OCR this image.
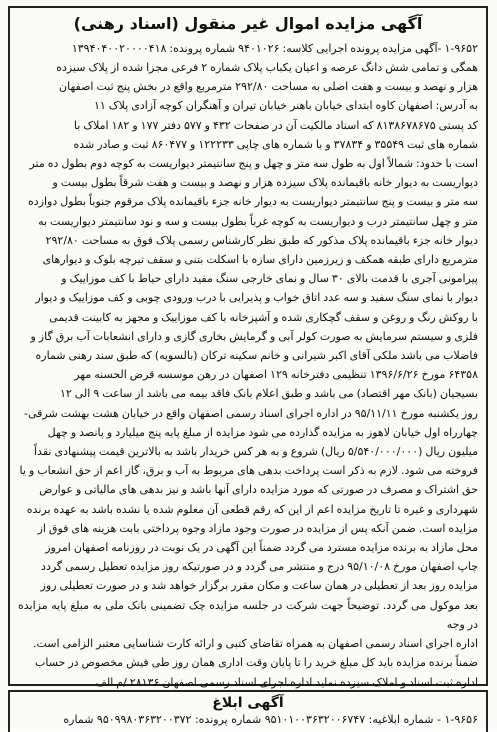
آگهی مزایده اموال غیر منقول (اسناد رهنی)

۱-۹۶۵۲ -آگهی مزایده پرونده اجرایی کلاسه: ۹۴۰۱۰۲۶ شماره پرونده: ۱۳۹۴۰۴۰۰۲۰۰۰۰۴۱۸

همگی و تمامی شش دانگ عرصه و اعیان یکباب پلاک شماره ۲ فرعی مجزا شده از پلاک سیزده

هزار و نهصد و بیست و هفت اصلی به مساحت ۲۹۲/۸۰ مترمربع واقع در بخش پنج ثبت اصفهان

به آدرس: اصفهان کاوه ابتدای خیابان باهنر خیابان تیران و آهنگران کوچه آزادی پلاک ۱۱

کد پستی ۸۱۳۸۶۷۸۶۷۵ که اسناد مالکیت آن در صفحات ۴۳۲ و ۵۷۷ دفتر ۱۷۷ و ۱۸۲ املاک با

شماره های ثبت ۳۵۵۴۹ و ۳۷۸۳۴ و با شماره های چاپی ۱۲۲۲۳۳ و ۸۶۰۴۷۷ ثبت و صادر شده

است با حدود: شمالاً اول به طول سه متر و چهل و پنج سانتیمتر دیواریست به کوچه دوم بطول ده متر

دیواریست به دیوار خانه باقیمانده پلاک سیزده هزار و نهصد و بیست و هفت شرقاً بطول بیست و

سه متر و بیست و پنج سانتیمتر دیواریست به دیوار خانه جزء باقیمانده پلاک مرقوم جنوباً بطول دوازده

متر و چهل سانتیمتر درب و دیواریست به کوچه غرباً بطول بیست و سه و نود سانتیمتر دیواریست به

دیوار خانه جزء باقیمانده پلاک مذکور که طبق نظر کارشناس رسمی پلاک فوق به مساحت ۲۹۲/۸۰

مترمربع دارای طبقه همکف و زیرزمین دارای سازه با اسکلت بتنی و سقف تیرچه بلوک و دیوارهای

پیرامونی آجری با قدمت بالای ۳۰ سال و نمای خارجی سنگ مفید دارای حیاط با کف موزاییک و

دیوار با نمای سنگ سفید و سه عدد اتاق خواب و پذیرایی با درب ورودی چوبی و کف موزاییک و دیوار

با روکش رنگ و روغن و سقف گچکاری شده و آشپزخانه با کف موزاییک و مجهز به کابینت قدیمی

فلزی و سیستم سرمایش به صورت کولر آبی و گرمایش بخاری گازی و دارای انشعابات آب برق گاز و

فاضلاب می باشد ملکی آقای اکبر شیرانی و خانم سکینه ترکان (بالسویه) که طبق سند رهنی شماره

۶۴۳۵۸ مورخ ۱۳۹۶/۶/۲۶ تنظیمی دفترخانه ۱۲۹ اصفهان در رهن موسسه قرض الحسنه مهر

بسیجیان (بانک مهر اقتصاد) می باشد و طبق اعلام بانک فاقد بیمه می باشد از ساعت ۹ الی ۱۲

روز یکشنبه مورخ ۹۵/۱۱/۱۱ در اداره اجرای اسناد رسمی اصفهان واقع در خیابان هشت بهشت شرقی-

چهارراه اول خیابان لاهوز به مزایده گذارده می شود مزایده از مبلغ پایه پنج میلیارد و پانصد و چهل

میلیون ریال (۵/۵۴۰/۰۰۰/۰۰۰ ریال) شروع و به هر کس خریدار باشد به بالاترین قیمت پیشنهادی نقداً

فروخته می شود. لازم به ذکر است پرداخت بدهی های مربوط به آب و برق، گاز اعم از حق انشعاب و یا

حق اشتراک و مصرف در صورتی که مورد مزایده دارای آنها باشد و نیز بدهی های مالیاتی و عوارض

شهرداری و غیره تا تاریخ مزایده اعم از این که رقم قطعی آن معلوم شده یا نشده باشد به عهده برنده

مزایده است. ضمن آنکه پس از مزایده در صورت وجود مازاد وجوه پرداختی بابت هزینه های فوق از

محل مازاد به برنده مزایده مسترد می گردد ضمناً این آگهی در یک نوبت در روزنامه اصفهان امروز

چاپ اصفهان مورخ ۹۵/۱۰/۰۸ درج و منتشر می گردد و در صورتیکه روز مزایده تعطیل رسمی گردد

مزایده روز بعد از تعطیلی در همان ساعت و مکان مقرر برگزار خواهد شد و در صورت تعطیلی روز

بعد موکول می گردد. توضیحاً جهت شرکت در جلسه مزایده چک تضمینی بانک ملی به مبلغ پایه مزایده در وجه

اداره اجرای اسناد رسمی اصفهان به همراه تقاضای کتبی و ارائه کارت شناسایی معتبر الزامی است.

ضمناً برنده مزایده باید کل مبلغ خرید را تا پایان وقت اداری همان روز طی فیش مخصوص در حساب

اداره ثبت اسناد و املاک سیزده نماید اداره اجرای اسناد رسمی اصفهان ۲۸۱۳۶ /م الف

آگهی ابلاغ
۱-۹۶۵۶ - شماره ابلاغیه: ۹۵۱۰۱۰۰۳۶۳۲۰۰۶۷۴۷ شماره پرونده: ۹۵۰۹۹۸۰۳۶۳۲۰۰۳۷۲ شماره
